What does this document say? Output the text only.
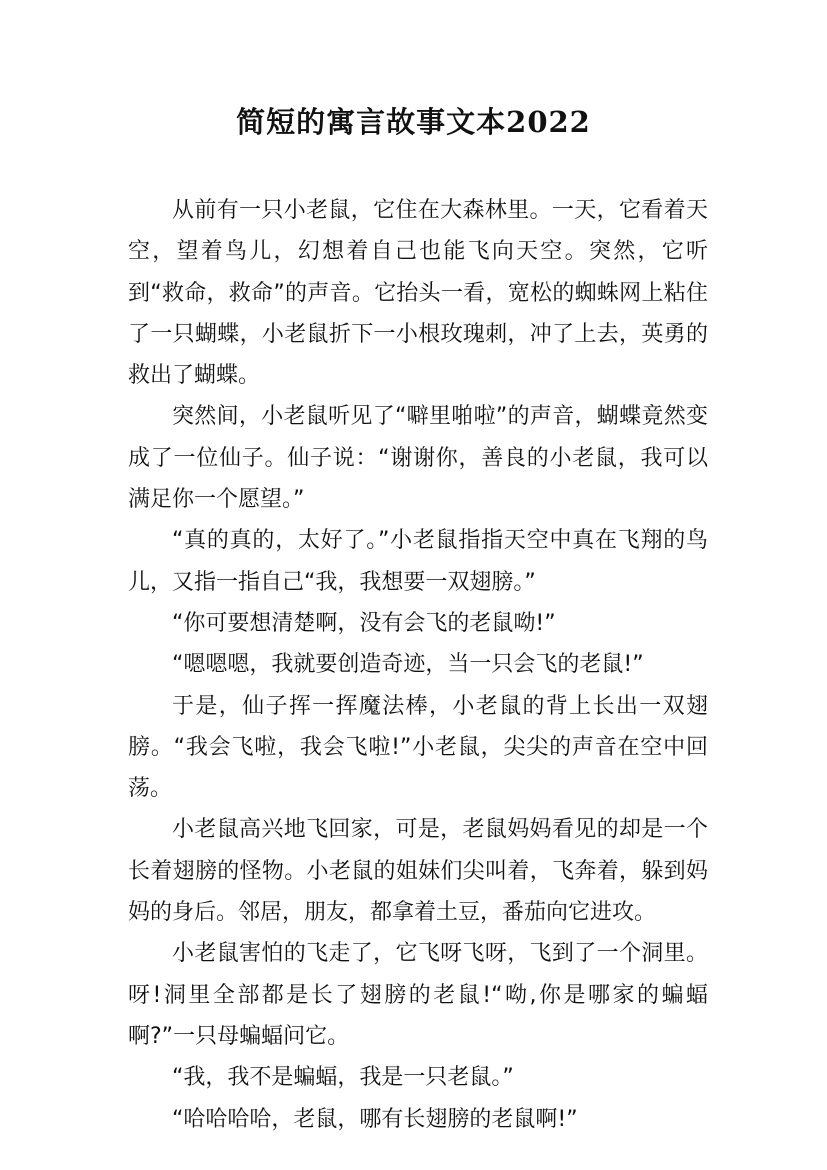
简短的寓言故事文本2022

从前有一只小老鼠，它住在大森林里。一天，它看着天空，望着鸟儿，幻想着自己也能飞向天空。突然，它听到“救命，救命”的声音。它抬头一看，宽松的蜘蛛网上粘住了一只蝴蝶，小老鼠折下一小根玫瑰刺，冲了上去，英勇的救出了蝴蝶。

突然间，小老鼠听见了“噼里啪啦”的声音，蝴蝶竟然变成了一位仙子。仙子说：“谢谢你，善良的小老鼠，我可以满足你一个愿望。”

“真的真的，太好了。”小老鼠指指天空中真在飞翔的鸟儿，又指一指自己“我，我想要一双翅膀。”

“你可要想清楚啊，没有会飞的老鼠呦!”

“嗯嗯嗯，我就要创造奇迹，当一只会飞的老鼠!”

于是，仙子挥一挥魔法棒，小老鼠的背上长出一双翅膀。“我会飞啦，我会飞啦!”小老鼠，尖尖的声音在空中回荡。

小老鼠高兴地飞回家，可是，老鼠妈妈看见的却是一个长着翅膀的怪物。小老鼠的姐妹们尖叫着，飞奔着，躲到妈妈的身后。邻居，朋友，都拿着土豆，番茄向它进攻。

小老鼠害怕的飞走了，它飞呀飞呀，飞到了一个洞里。呀!洞里全部都是长了翅膀的老鼠!“呦,你是哪家的蝙蝠啊?”一只母蝙蝠问它。

“我，我不是蝙蝠，我是一只老鼠。”

“哈哈哈哈，老鼠，哪有长翅膀的老鼠啊!”
